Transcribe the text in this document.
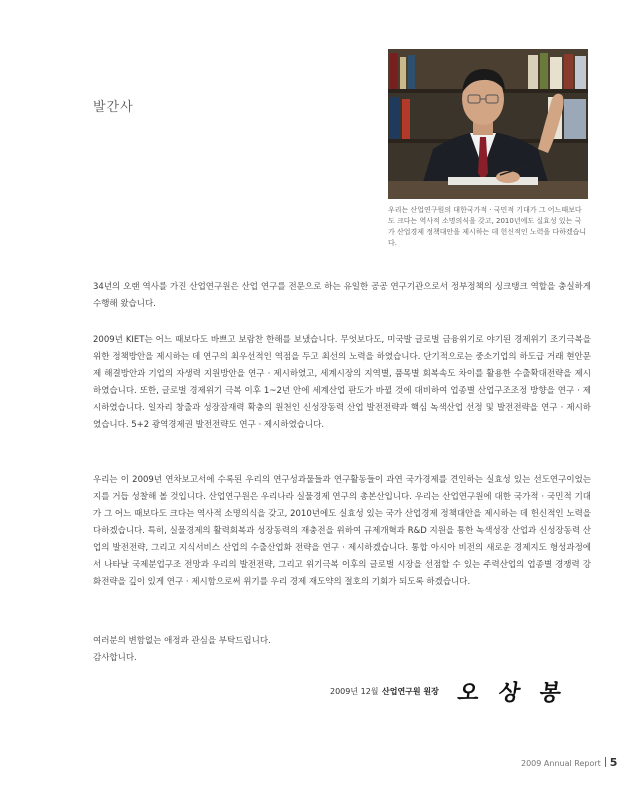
발간사
우리는 산업연구원의 대한국가적 · 국민적 기대가 그 어느때보다도 크다는 역사적 소명의식을 갖고, 2010년에도 실효성 있는 국가 산업경제 정책대안을 제시하는 데 헌신적인 노력을 다하겠습니다.

34년의 오랜 역사를 가진 산업연구원은 산업 연구를 전문으로 하는 유일한 공공 연구기관으로서 정부정책의 싱크탱크 역할을 충실하게 수행해 왔습니다.

2009년 KIET는 어느 때보다도 바쁘고 보람찬 한해를 보냈습니다. 무엇보다도, 미국발 글로벌 금융위기로 야기된 경제위기 조기극복을 위한 정책방안을 제시하는 데 연구의 최우선적인 역점을 두고 최선의 노력을 하였습니다. 단기적으로는 중소기업의 하도급 거래 현안문제 해결방안과 기업의 자생력 지원방안을 연구 · 제시하였고, 세계시장의 지역별, 품목별 회복속도 차이를 활용한 수출확대전략을 제시하였습니다. 또한, 글로벌 경제위기 극복 이후 1~2년 안에 세계산업 판도가 바뀔 것에 대비하여 업종별 산업구조조정 방향을 연구 · 제시하였습니다. 일자리 창출과 성장잠재력 확충의 원천인 신성장동력 산업 발전전략과 핵심 녹색산업 선정 및 발전전략을 연구 · 제시하였습니다. 5+2 광역경제권 발전전략도 연구 · 제시하였습니다.

우리는 이 2009년 연차보고서에 수록된 우리의 연구성과물들과 연구활동들이 과연 국가경제를 견인하는 실효성 있는 선도연구이었는지를 거듭 성찰해 볼 것입니다. 산업연구원은 우리나라 실물경제 연구의 총본산입니다. 우리는 산업연구원에 대한 국가적 · 국민적 기대가 그 어느 때보다도 크다는 역사적 소명의식을 갖고, 2010년에도 실효성 있는 국가 산업경제 정책대안을 제시하는 데 헌신적인 노력을 다하겠습니다. 특히, 실물경제의 활력회복과 성장동력의 재충전을 위하여 규제개혁과 R&D 지원을 통한 녹색성장 산업과 신성장동력 산업의 발전전략, 그리고 지식서비스 산업의 수출산업화 전략을 연구 · 제시하겠습니다. 통합 아시아 비전의 새로운 경제지도 형성과정에서 나타날 국제분업구조 전망과 우리의 발전전략, 그리고 위기극복 이후의 글로벌 시장을 선점할 수 있는 주력산업의 업종별 경쟁력 강화전략을 깊이 있게 연구 · 제시함으로써 위기를 우리 경제 재도약의 절호의 기회가 되도록 하겠습니다.

여러분의 변함없는 애정과 관심을 부탁드립니다.
감사합니다.

2009년 12월 산업연구원 원장 오 상 봉
2009 Annual Report 5
